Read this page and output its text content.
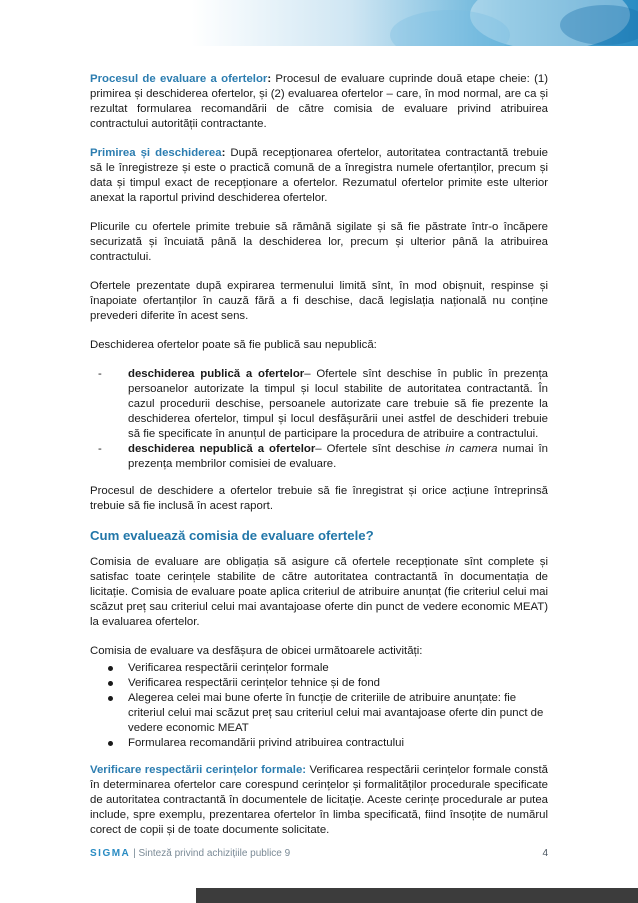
Procesul de evaluare a ofertelor: Procesul de evaluare cuprinde două etape cheie: (1) primirea și deschiderea ofertelor, și (2) evaluarea ofertelor – care, în mod normal, are ca și rezultat formularea recomandării de către comisia de evaluare privind atribuirea contractului autorității contractante.

Primirea și deschiderea: După recepționarea ofertelor, autoritatea contractantă trebuie să le înregistreze și este o practică comună de a înregistra numele ofertanților, precum și data și timpul exact de recepționare a ofertelor. Rezumatul ofertelor primite este ulterior anexat la raportul privind deschiderea ofertelor.

Plicurile cu ofertele primite trebuie să rămână sigilate și să fie păstrate într-o încăpere securizată și încuiată până la deschiderea lor, precum și ulterior până la atribuirea contractului.

Ofertele prezentate după expirarea termenului limită sînt, în mod obișnuit, respinse și înapoiate ofertanților în cauză fără a fi deschise, dacă legislația națională nu conține prevederi diferite în acest sens.

Deschiderea ofertelor poate să fie publică sau nepublică:

- deschiderea publică a ofertelor– Ofertele sînt deschise în public în prezența persoanelor autorizate la timpul și locul stabilite de autoritatea contractantă. În cazul procedurii deschise, persoanele autorizate care trebuie să fie prezente la deschiderea ofertelor, timpul și locul desfășurării unei astfel de deschideri trebuie să fie specificate în anunțul de participare la procedura de atribuire a contractului.
- deschiderea nepublică a ofertelor– Ofertele sînt deschise in camera numai în prezența membrilor comisiei de evaluare.

Procesul de deschidere a ofertelor trebuie să fie înregistrat și orice acțiune întreprinsă trebuie să fie inclusă în acest raport.

Cum evaluează comisia de evaluare ofertele?

Comisia de evaluare are obligația să asigure că ofertele recepționate sînt complete și satisfac toate cerințele stabilite de către autoritatea contractantă în documentația de licitație. Comisia de evaluare poate aplica criteriul de atribuire anunțat (fie criteriul celui mai scăzut preț sau criteriul celui mai avantajoase oferte din punct de vedere economic MEAT) la evaluarea ofertelor.

Comisia de evaluare va desfășura de obicei următoarele activități:

Verificarea respectării cerințelor formale
Verificarea respectării cerințelor tehnice și de fond
Alegerea celei mai bune oferte în funcție de criteriile de atribuire anunțate: fie criteriul celui mai scăzut preț sau criteriul celui mai avantajoase oferte din punct de vedere economic MEAT
Formularea recomandării privind atribuirea contractului

Verificare respectării cerințelor formale: Verificarea respectării cerințelor formale constă în determinarea ofertelor care corespund cerințelor și formalităților procedurale specificate de autoritatea contractantă în documentele de licitație. Aceste cerințe procedurale ar putea include, spre exemplu, prezentarea ofertelor în limba specificată, fiind însoțite de numărul corect de copii și de toate documente solicitate.

SIGMA | Sinteză privind achizițiile publice 9	4
